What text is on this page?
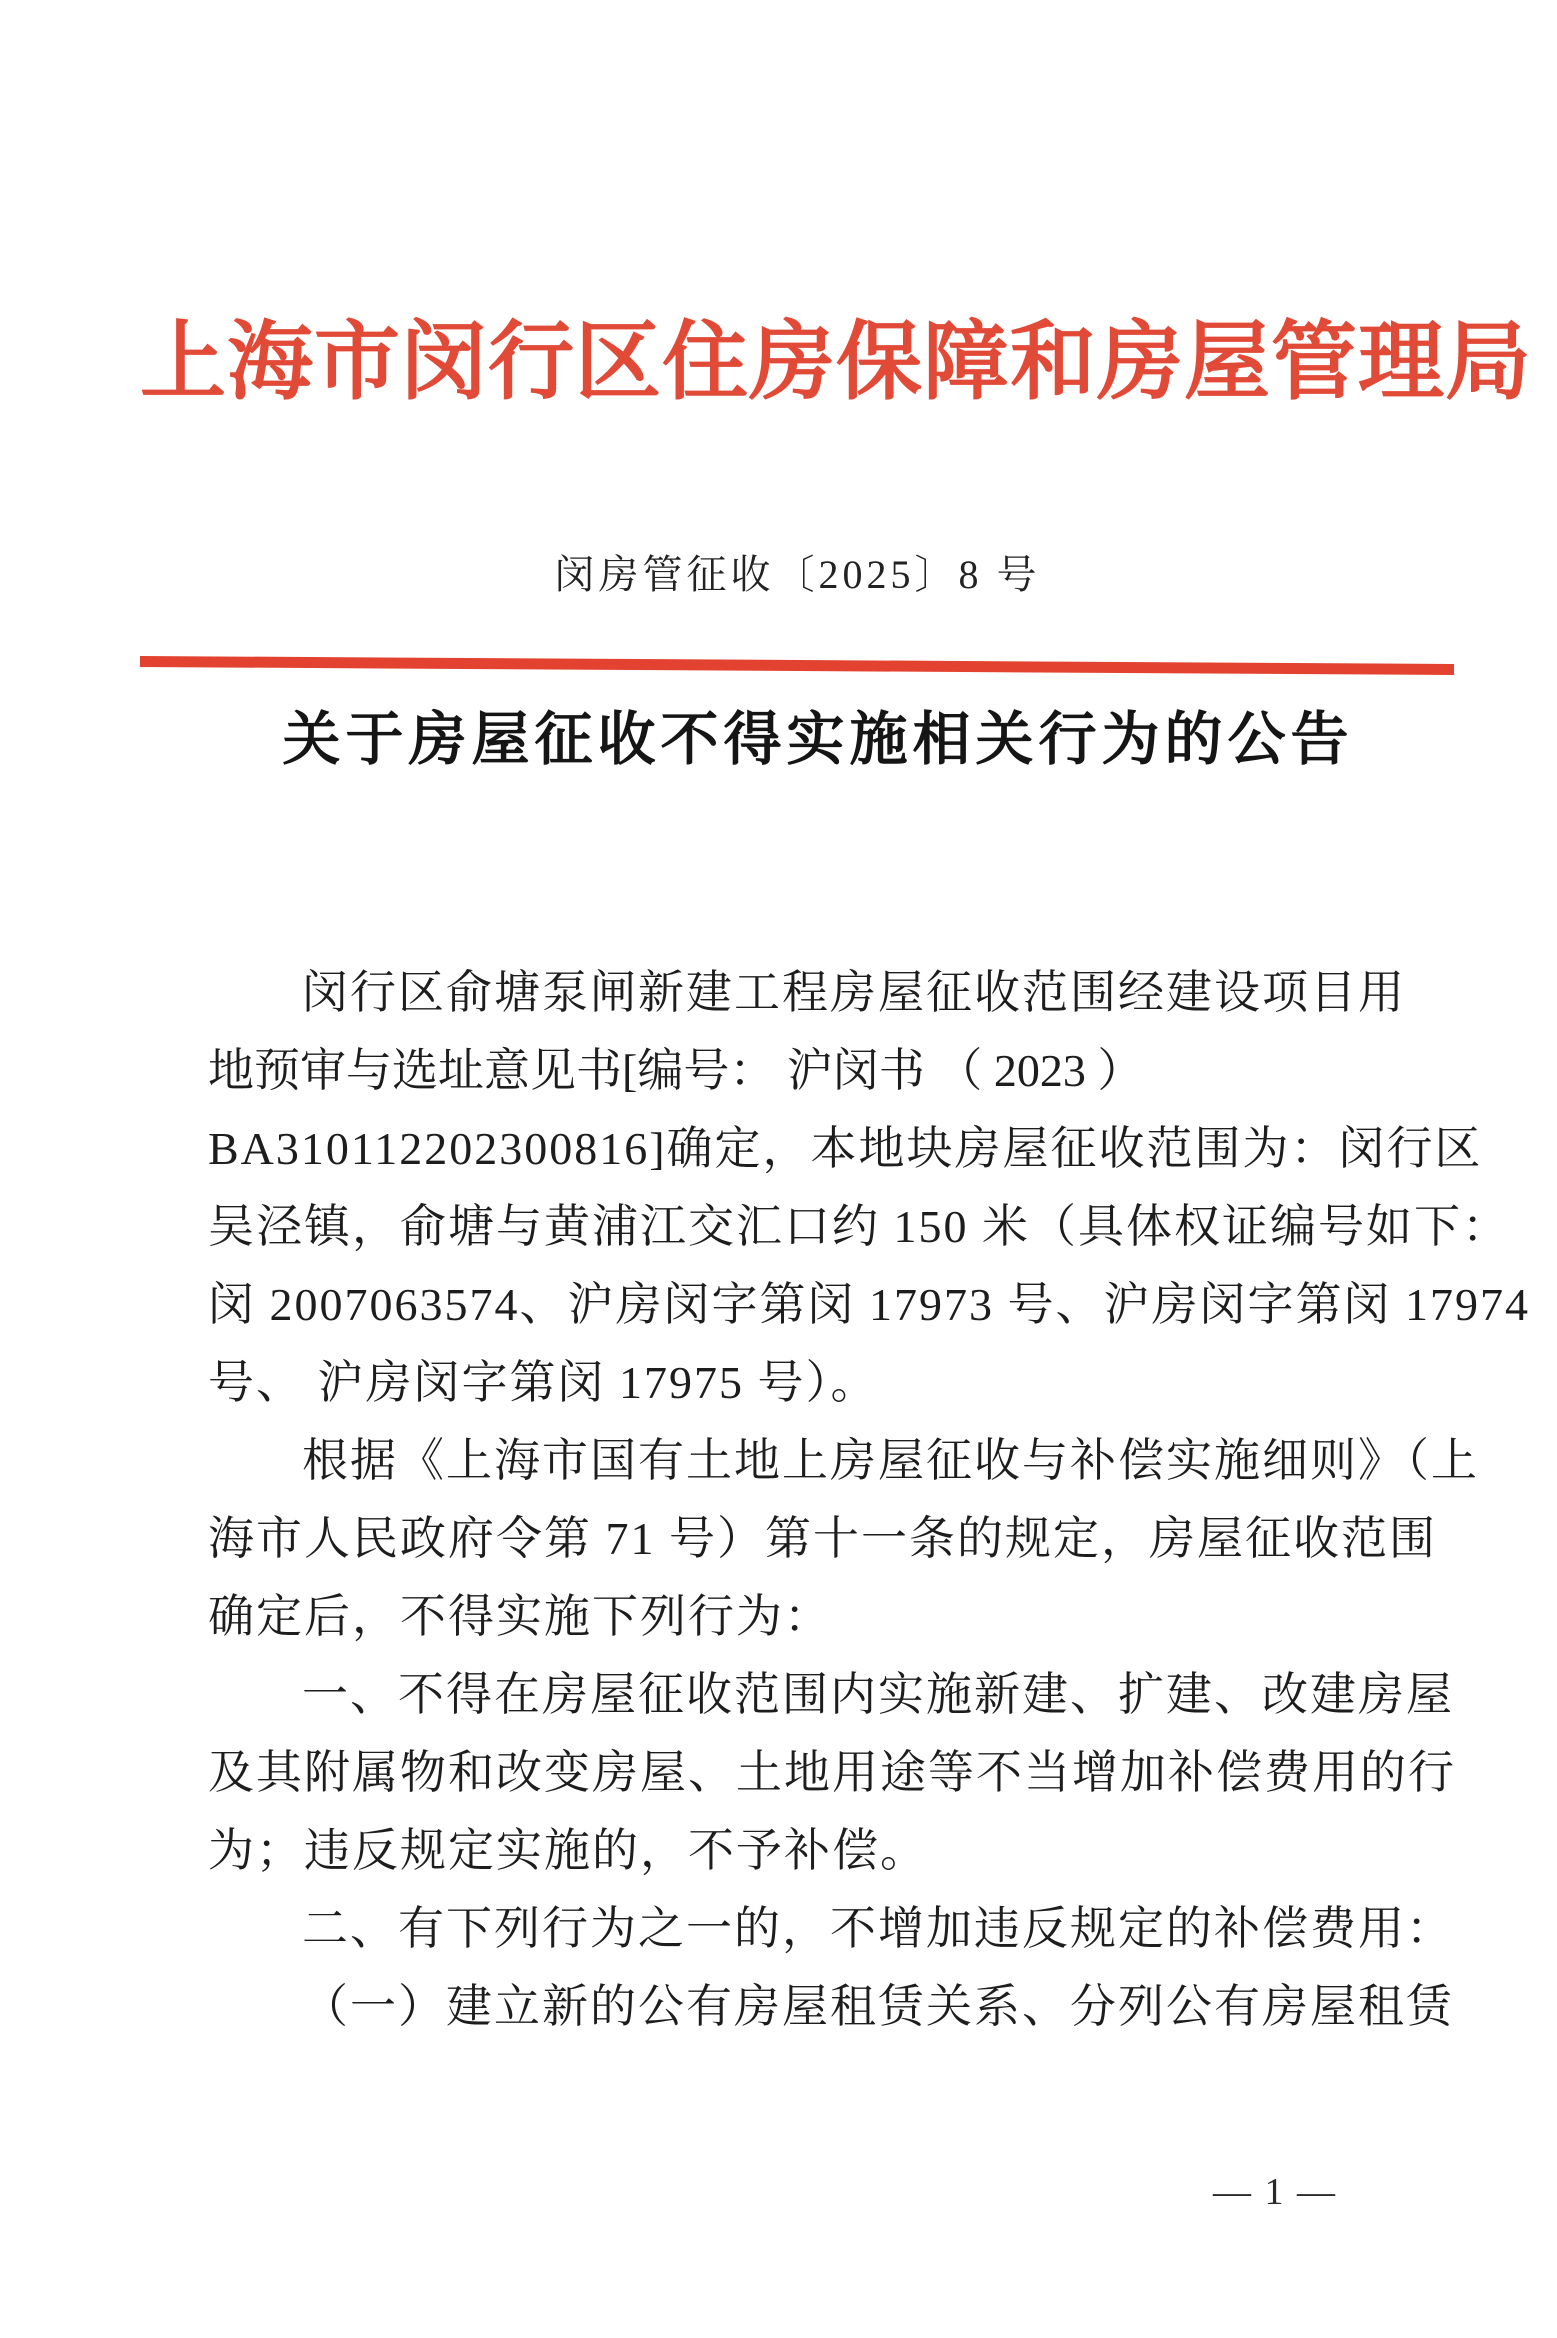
上海市闵行区住房保障和房屋管理局
闵房管征收〔2025〕8 号
关于房屋征收不得实施相关行为的公告
闵行区俞塘泵闸新建工程房屋征收范围经建设项目用
地预审与选址意见书[编号： 沪闵书 （ 2023 ）
BA310112202300816]确定，本地块房屋征收范围为：闵行区
吴泾镇，俞塘与黄浦江交汇口约 150 米（具体权证编号如下：
闵 2007063574、沪房闵字第闵 17973 号、沪房闵字第闵 17974
号、 沪房闵字第闵 17975 号）。
根据《上海市国有土地上房屋征收与补偿实施细则》（上
海市人民政府令第 71 号）第十一条的规定，房屋征收范围
确定后，不得实施下列行为：
一、不得在房屋征收范围内实施新建、扩建、改建房屋
及其附属物和改变房屋、土地用途等不当增加补偿费用的行
为；违反规定实施的，不予补偿。
二、有下列行为之一的，不增加违反规定的补偿费用：
（一）建立新的公有房屋租赁关系、分列公有房屋租赁
— 1 —
